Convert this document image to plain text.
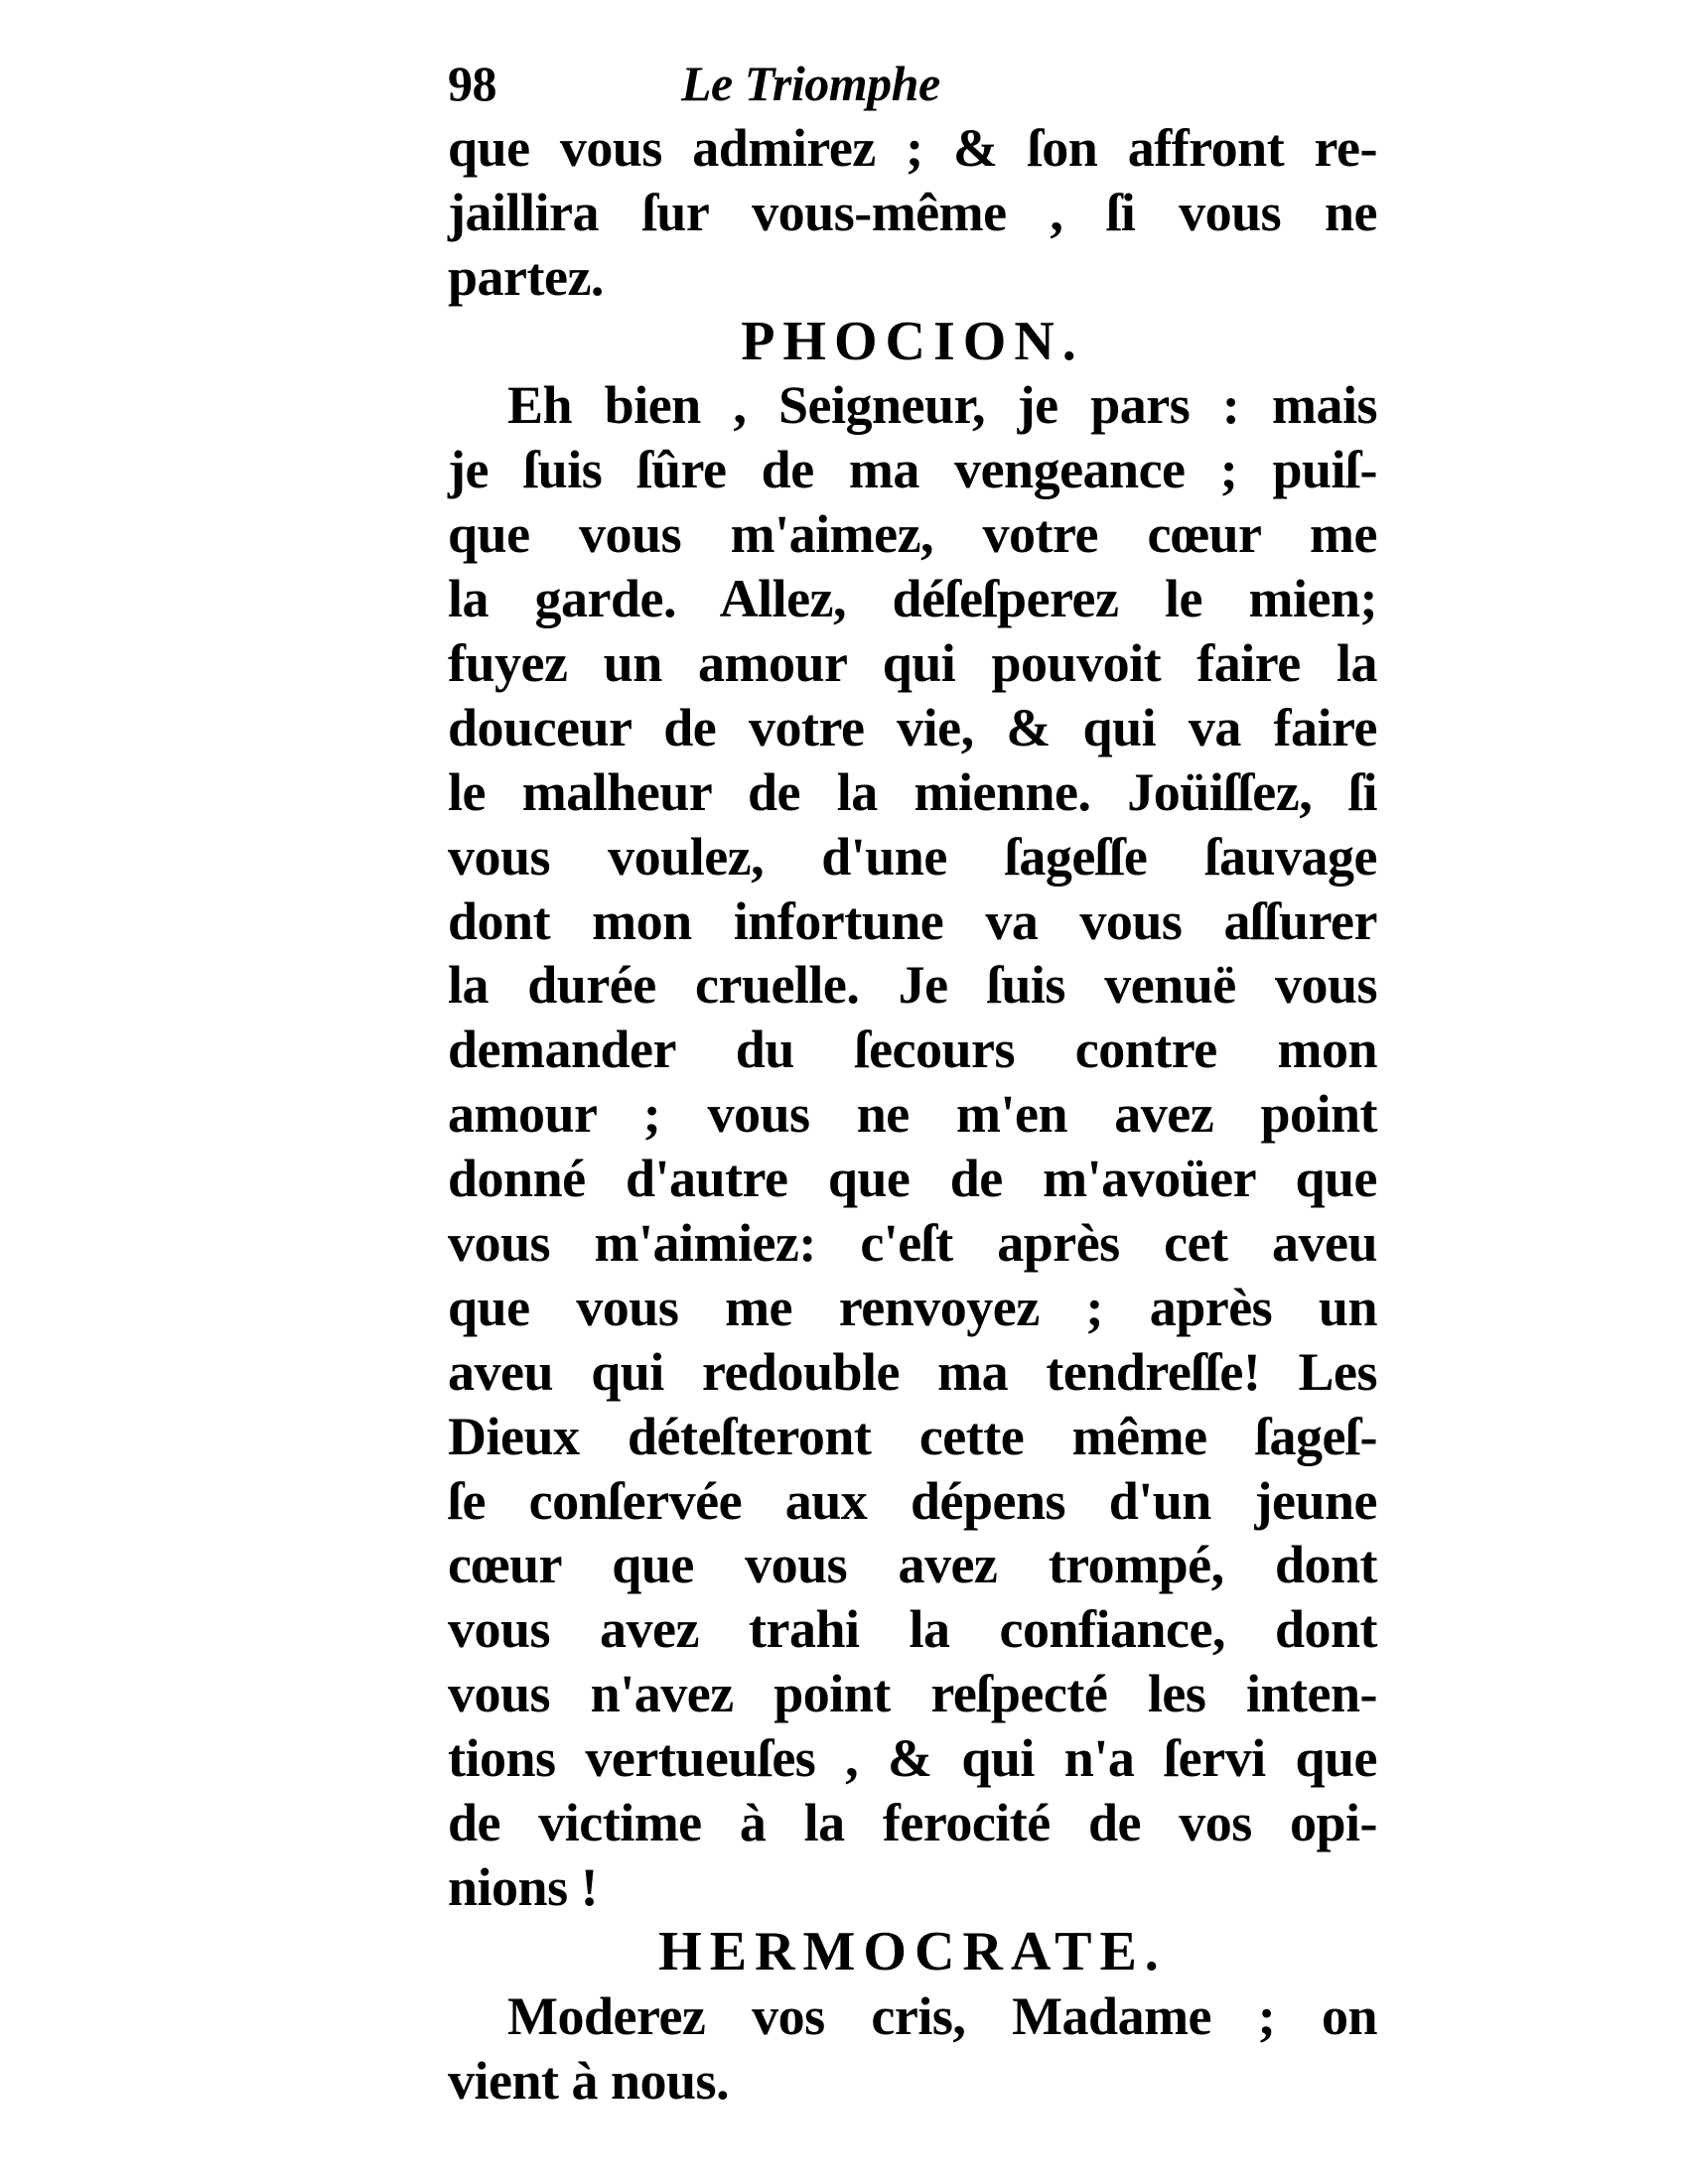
98	Le Triomphe
que vous admirez ; & ſon affront re-
jaillira ſur vous-même , ſi vous ne
partez.
PHOCION.
Eh bien , Seigneur, je pars : mais
je ſuis ſûre de ma vengeance ; puiſ-
que vous m'aimez, votre cœur me
la garde. Allez, déſeſperez le mien;
fuyez un amour qui pouvoit faire la
douceur de votre vie, & qui va faire
le malheur de la mienne. Joüiſſez, ſi
vous voulez, d'une ſageſſe ſauvage
dont mon infortune va vous aſſurer
la durée cruelle. Je ſuis venuë vous
demander du ſecours contre mon
amour ; vous ne m'en avez point
donné d'autre que de m'avoüer que
vous m'aimiez: c'eſt après cet aveu
que vous me renvoyez ; après un
aveu qui redouble ma tendreſſe! Les
Dieux déteſteront cette même ſageſ-
ſe conſervée aux dépens d'un jeune
cœur que vous avez trompé, dont
vous avez trahi la confiance, dont
vous n'avez point reſpecté les inten-
tions vertueuſes , & qui n'a ſervi que
de victime à la ferocité de vos opi-
nions !
HERMOCRATE.
Moderez vos cris, Madame ; on
vient à nous.
